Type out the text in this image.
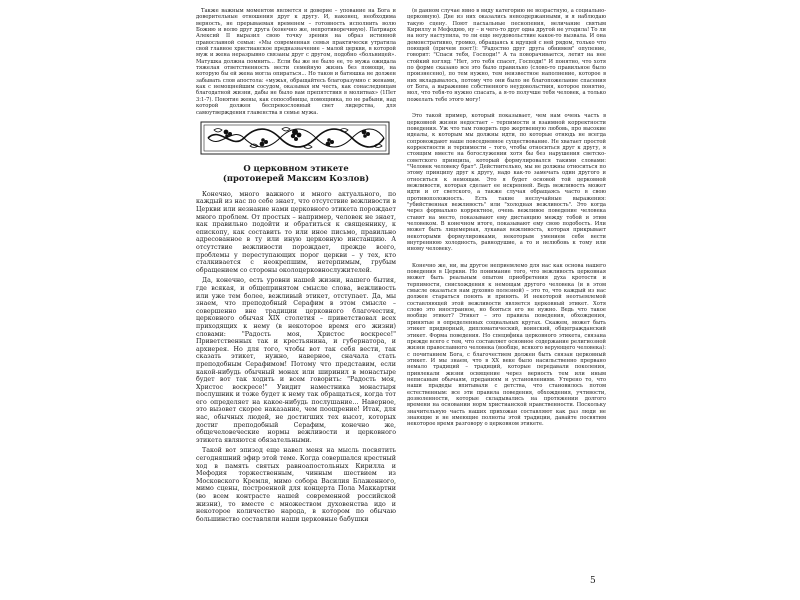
Также важным моментом является и доверие – упование на Бога и доверительные отношения друг к другу. И, наконец, необходима верность, не прерываемая временем – готовность исполнить волю Божию и волю друг друга (конечно же, непротиворечивую). Патриарх Алексий II выразил свою точку зрения на образ истинной православной семьи: «Мы современная семья практически утратила свой главное христианское предназначение – малой церкви, в которой муж и жена неразрывно связаны друг с другом, подобно «больницей». Матушка должна помнить... Если бы же не было ее, то мужа ожидала тяжелая ответственность вести семейную жизнь без помощи, на которую бы ей жена могла опираться... Но таков и батюшка не должен забывать слов апостола: «мужья, обращайтесь благоразумно с женами, как с немощнейшим сосудом, оказывая им честь, как сонаследницам благодатной жизни, дабы не было вам препятствия в молитвах» (1Пет 3:1-7). Понятие жены, как сопособницы, помощника, по не рабыни, над которой должен беспрекословный свет лидерства, для самоутверждения главенства в семье мужа.

О церковном этикете
(протоиерей Максим Козлов)

Конечно, много важного и много актуального, по каждый из нас по себе знает, что отсутствие вежливости в Церкви или незнание нами церковного этикета порождает много проблем. От простых – например, человек не знает, как правильно подойти и обратиться к священнику, к епископу, как составить то или иное письмо, правильно адресованное в ту или иную церковную инстанцию. А отсутствие вежливости порождает, прежде всего, проблемы у переступающих порог церкви – у тех, кто сталкивается с неокрепшим, нетерпимым, грубым обращением со стороны околоцерковнослужителей.

Да, конечно, есть уровни нашей жизни, нашего бытия, где всякая, и общепринятом смысле слова, вежливость или уже тем более, вежливый этикет, отступает. Да, мы знаем, что преподобный Серафим в этом смысле – совершенно вне традиции церковного благочестия, церковного обычая XIX столетия – приветствовал всех приходящих к нему (в некоторое время его жизни) словами: "Радость моя, Христос воскресе!" Приветственных так и крестьянина, и губернатора, и архиерея. Но для того, чтобы вот так себя вести, так сказать этикет, нужно, наверное, сначала стать преподобным Серафимом! Потому что представим, если какой-нибудь обычный монах или ширинил в монастыре будет вот так ходить и всем говорить: "Радость моя, Христос воскресе!" Увидит наместника монастыря послушник и тоже будет к нему так обращаться, когда тот его определяет на какое-нибудь послушание... Наверное, это вызовет скорее наказание, чем поощрение! Итак, для нас, обычных людей, не достигших тех высот, которых достиг преподобный Серафим, конечно же, общечеловеческие нормы вежливости и церковного этикета являются обязательными.

Такой вот эпизод еще навел меня на мысль посвятить сегодняшний эфир этой теме. Когда совершался крестный ход в память святых равноапостольных Кирилла и Мефодия торжественным, чинным шествием из Московского Кремля, мимо собора Василия Блаженного, мимо сцены, построенной для концерта Пола Маккартни (во всем контрасте нашей современной российской жизни), то вместе с множеством духовенства идо и некоторое количество народа, в котором по обычаю большинство составляли наши церковные бабушки

(в данном случае явно в виду категорию не возрастную, а социально-церковную). Две из них оказались невоздержанными, и я наблюдаю такую сцену. Поют пасхальные песнопения, величание святым Кириллу и Мефодию, ну – и чего-то друг одна другой не угодила! То ли на ногу наступила, то ли еще неудовольствие какое-то вызвала. И она демонстративно, громко, обращаясь к идущей с ней рядом, только что поющей (причем поет!): "Радостно друг друга обнимем" опупение, говорит: "Спаси тебя, Господи!" А та поворачивается, летит на нее стойкий взгляд: "Нет, это тебя спасет, Господи!" И понятно, что хотя по форме сказано все это было правильно (слово-то правильное было произнесено), по тем нужно, тем неизвестное наполнение, которое в них вкладывалось, потому что они было не благопожелание спасения от Бога, а выражение собственного неудовольствия, которое понятно, мол, что тебя-то нужно спасать, а я-то получше тебя человек, а только пожелать тебе этого могу!

Это такой пример, который показывает, чем нам очень часть в церковной жизни недостает – терпимости и взаимной корректности поведения. Уж что там говорить про жертвенную любовь, про высокие идеалы, к которым мы должны идти, по которые отнюдь не всегда сопровождают наше повседневное существование. Не хватает простой корректности и терпимости – того, чтобы относиться друг к другу, я стоящим вместе на богослужении хотя бы без нарушения светско-советского принципа, который формулировался такими словами: "Человек человеку брат". Действительно, мы не должны относиться по этому принципу друг к другу, надо как-то замечать один другого и относиться к немощам. Это я будет основой той церковной вежливости, которая сделает ее искренней. Ведь вежливость может идти и от светского, а также случая обращаясь часто в свою противоположность. Есть такие неслучайные выражения: "убийственная вежливость" или "холодная вежливость". Это когда через формально корректное, очень вежливое поведение человека ставят на место, показывают ему дистанцию между тобой и этим человеком. В конечном итоге, показывают ему свою подобость. Или может быть лицемерная, лукавая вежливость, которая прикрывает некоторыми формулировками, некоторым умением себя вести внутреннюю холодность, равнодушие, а то и нелюбовь к тому или иному человеку.

Конечно же, ни, вы другое неприемлемо для нас как основа нашего поведения в Церкви. Но понимание того, что вежливость церковная может быть реальным опытом приобретения духа кротости и терпимости, снисхождения к немощам другого человека (и в этом смысле оказаться нам духовно полезной) – это то, что каждый из нас должен стараться понять и принять. И некоторой неотъемлемой составляющей этой вежливости является церковный этикет. Хотя слово это иностранное, но бояться его не нужно. Ведь что такое вообще этикет? Этикет – это правила поведения, обхождения, принятые в определенных социальных кругах. Скажем, может быть этикет придворный, дипломатический, воинский, общегражданский этикет. Форма поведения. Но специфика церковного этикета, связана прежде всего с тем, что составляет основное содержание религиозной жизни православного человека (вообще, всякого верующего человека): с почитанием Бога, с благочестием должен быть связан церковный этикет. И мы знаем, что в XX веке было насильственно прервано немало традиций – традиций, которые передавали поколения, привлекали жизни освящение через верность тем или иным неписаным обычаям, преданиям и установлениям. Утерено то, что наши прадеды впитывали с детства, что становилось потом естественным: все эти правила поведения, обхождения, учтивости, дозволенности, которые складывались на протяжении долгого времени на основании норм христианской нравственности. Поскольку значительную часть наших прихожан составляют как раз люди не знающие и не имеющие полноты этой традиции, давайте посвятим некоторое время разговору о церковном этикете.

5
